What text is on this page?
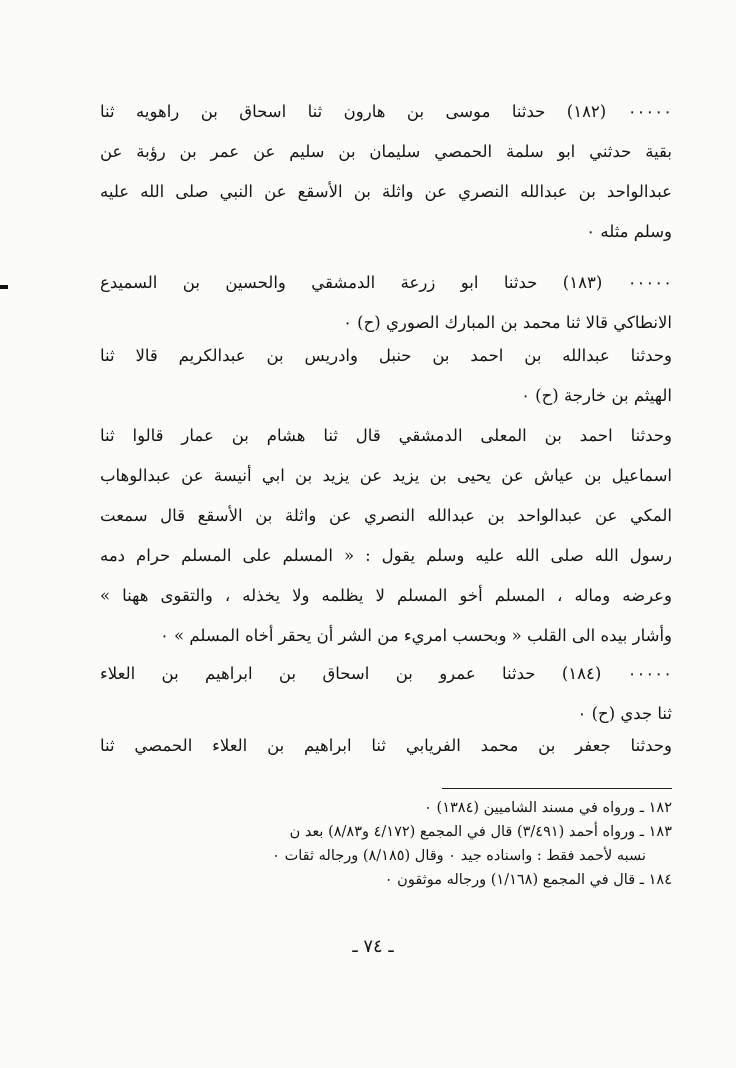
٠٠٠٠٠ (١٨٢) حدثنا موسى بن هارون ثنا اسحاق بن راهويه ثنا
بقية حدثني ابو سلمة الحمصي سليمان بن سليم عن عمر بن رؤبة عن
عبدالواحد بن عبدالله النصري عن واثلة بن الأسقع عن النبي صلى الله عليه
وسلم مثله ٠
٠٠٠٠٠ (١٨٣) حدثنا ابو زرعة الدمشقي والحسين بن السميدع
الانطاكي قالا ثنا محمد بن المبارك الصوري (ح) ٠
وحدثنا عبدالله بن احمد بن حنبل وادريس بن عبدالكريم قالا ثنا
الهيثم بن خارجة (ح) ٠
وحدثنا احمد بن المعلى الدمشقي قال ثنا هشام بن عمار قالوا ثنا
اسماعيل بن عياش عن يحيى بن يزيد عن يزيد بن ابي أنيسة عن عبدالوهاب
المكي عن عبدالواحد بن عبدالله النصري عن واثلة بن الأسقع قال سمعت
رسول الله صلى الله عليه وسلم يقول : « المسلم على المسلم حرام دمه
وعرضه وماله ، المسلم أخو المسلم لا يظلمه ولا يخذله ، والتقوى ههنا »
وأشار بيده الى القلب « وبحسب امريء من الشر أن يحقر أخاه المسلم » ٠
٠٠٠٠٠ (١٨٤) حدثنا عمرو بن اسحاق بن ابراهيم بن العلاء
ثنا جدي (ح) ٠
وحدثنا جعفر بن محمد الفريابي ثنا ابراهيم بن العلاء الحمصي ثنا
١٨٢ ـ ورواه في مسند الشاميين (١٣٨٤) ٠
١٨٣ ـ ورواه أحمد (٣/٤٩١) قال في المجمع (٤/١٧٢ و٨/٨٣) بعد ن
نسبه لأحمد فقط : واسناده جيد ٠ وقال (٨/١٨٥) ورجاله ثقات ٠
١٨٤ ـ قال في المجمع (١/١٦٨) ورجاله موثقون ٠
ـ ٧٤ ـ
